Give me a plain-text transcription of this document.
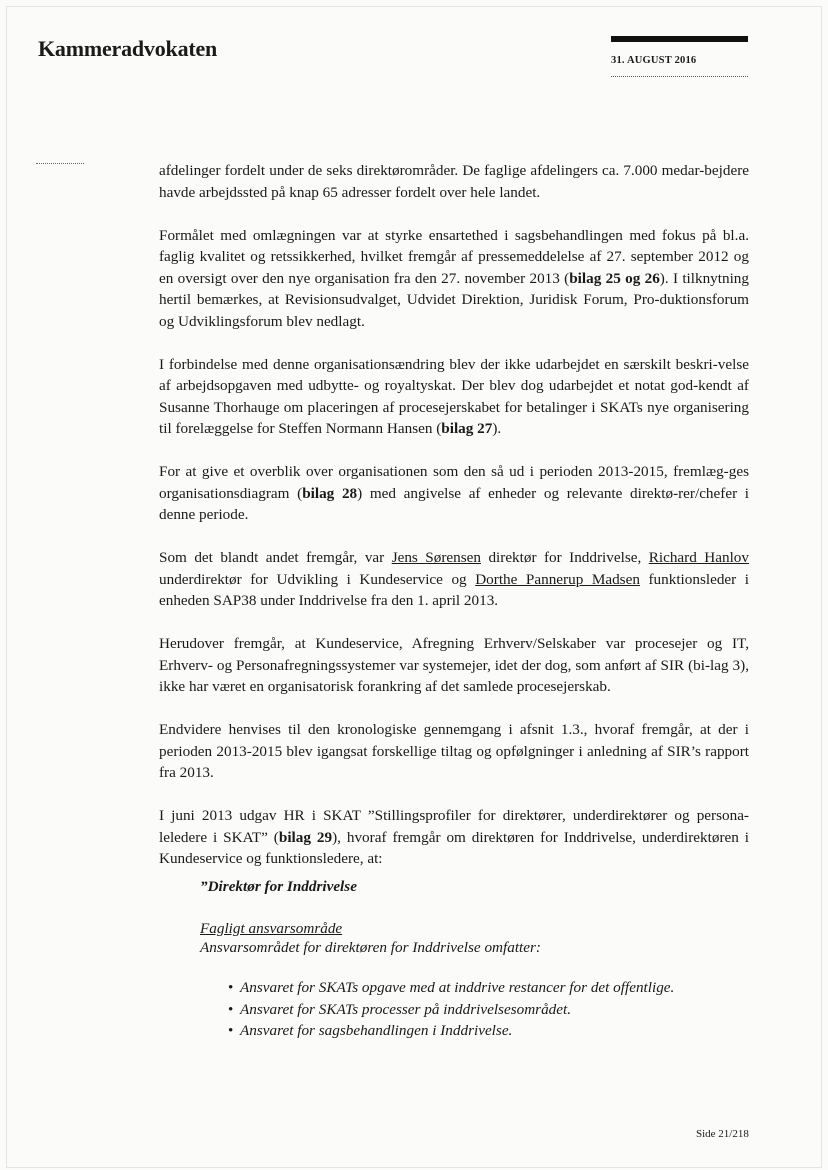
Kammeradvokaten	31. AUGUST 2016

afdelinger fordelt under de seks direktørområder. De faglige afdelingers ca. 7.000 medar-bejdere havde arbejdssted på knap 65 adresser fordelt over hele landet.

Formålet med omlægningen var at styrke ensartethed i sagsbehandlingen med fokus på bl.a. faglig kvalitet og retssikkerhed, hvilket fremgår af pressemeddelelse af 27. september 2012 og en oversigt over den nye organisation fra den 27. november 2013 (bilag 25 og 26). I tilknytning hertil bemærkes, at Revisionsudvalget, Udvidet Direktion, Juridisk Forum, Pro-duktionsforum og Udviklingsforum blev nedlagt.

I forbindelse med denne organisationsændring blev der ikke udarbejdet en særskilt beskri-velse af arbejdsopgaven med udbytte- og royaltyskat. Der blev dog udarbejdet et notat god-kendt af Susanne Thorhauge om placeringen af procesejerskabet for betalinger i SKATs nye organisering til forelæggelse for Steffen Normann Hansen (bilag 27).

For at give et overblik over organisationen som den så ud i perioden 2013-2015, fremlæg-ges organisationsdiagram (bilag 28) med angivelse af enheder og relevante direktø-rer/chefer i denne periode.

Som det blandt andet fremgår, var Jens Sørensen direktør for Inddrivelse, Richard Hanlov underdirektør for Udvikling i Kundeservice og Dorthe Pannerup Madsen funktionsleder i enheden SAP38 under Inddrivelse fra den 1. april 2013.

Herudover fremgår, at Kundeservice, Afregning Erhverv/Selskaber var procesejer og IT, Erhverv- og Personafregningssystemer var systemejer, idet der dog, som anført af SIR (bi-lag 3), ikke har været en organisatorisk forankring af det samlede procesejerskab.

Endvidere henvises til den kronologiske gennemgang i afsnit 1.3., hvoraf fremgår, at der i perioden 2013-2015 blev igangsat forskellige tiltag og opfølgninger i anledning af SIR’s rapport fra 2013.

I juni 2013 udgav HR i SKAT ”Stillingsprofiler for direktører, underdirektører og persona-leledere i SKAT” (bilag 29), hvoraf fremgår om direktøren for Inddrivelse, underdirektøren i Kundeservice og funktionsledere, at:

”Direktør for Inddrivelse
Fagligt ansvarsområde
Ansvarsområdet for direktøren for Inddrivelse omfatter:
• Ansvaret for SKATs opgave med at inddrive restancer for det offentlige.
• Ansvaret for SKATs processer på inddrivelsesområdet.
• Ansvaret for sagsbehandlingen i Inddrivelse.
Side 21/218
